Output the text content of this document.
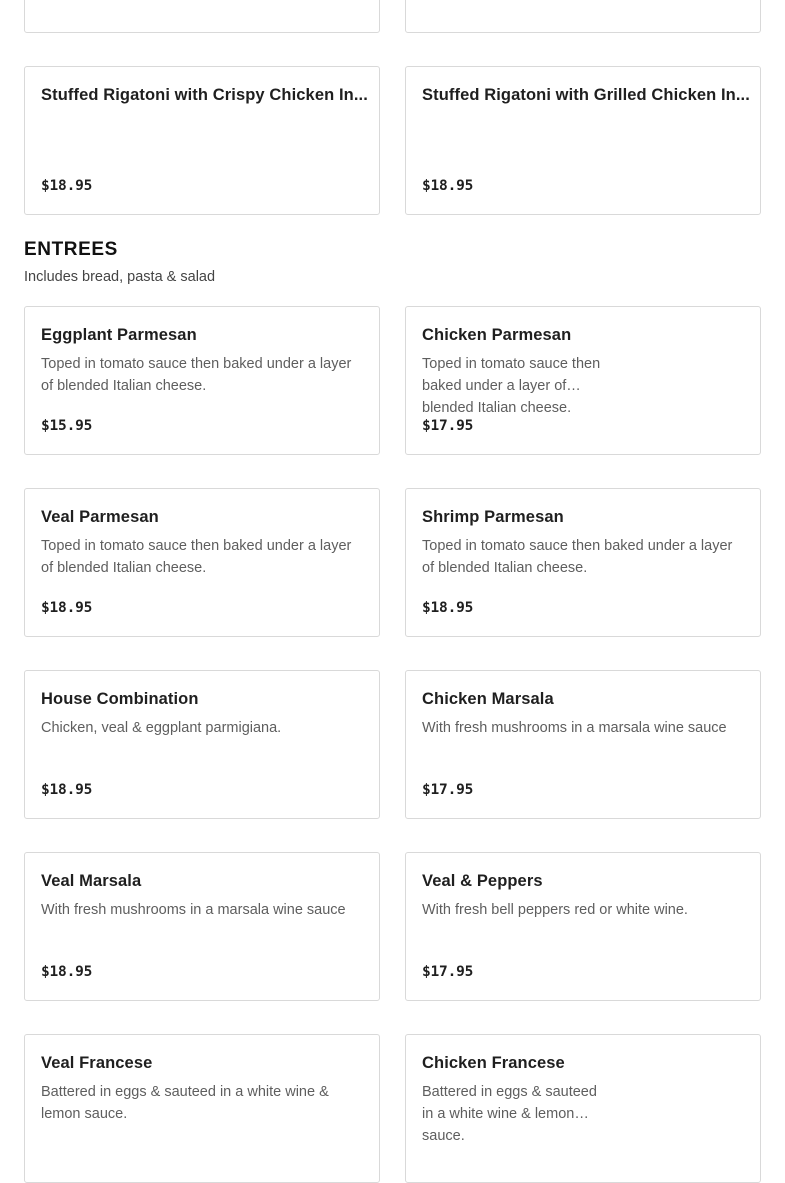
Stuffed Rigatoni with Crispy Chicken In...
$18.95
Stuffed Rigatoni with Grilled Chicken In...
$18.95
ENTREES

Includes bread, pasta & salad

Eggplant Parmesan
Toped in tomato sauce then baked under a layer of blended Italian cheese.
$15.95
Chicken Parmesan
Toped in tomato sauce then baked under a layer of blended Italian cheese.
$17.95
Veal Parmesan
Toped in tomato sauce then baked under a layer of blended Italian cheese.
$18.95
Shrimp Parmesan
Toped in tomato sauce then baked under a layer of blended Italian cheese.
$18.95
House Combination
Chicken, veal & eggplant parmigiana.
$18.95
Chicken Marsala
With fresh mushrooms in a marsala wine sauce
$17.95
Veal Marsala
With fresh mushrooms in a marsala wine sauce
$18.95
Veal & Peppers
With fresh bell peppers red or white wine.
$17.95
Veal Francese
Battered in eggs & sauteed in a white wine & lemon sauce.
Chicken Francese
Battered in eggs & sauteed in a white wine & lemon sauce.
